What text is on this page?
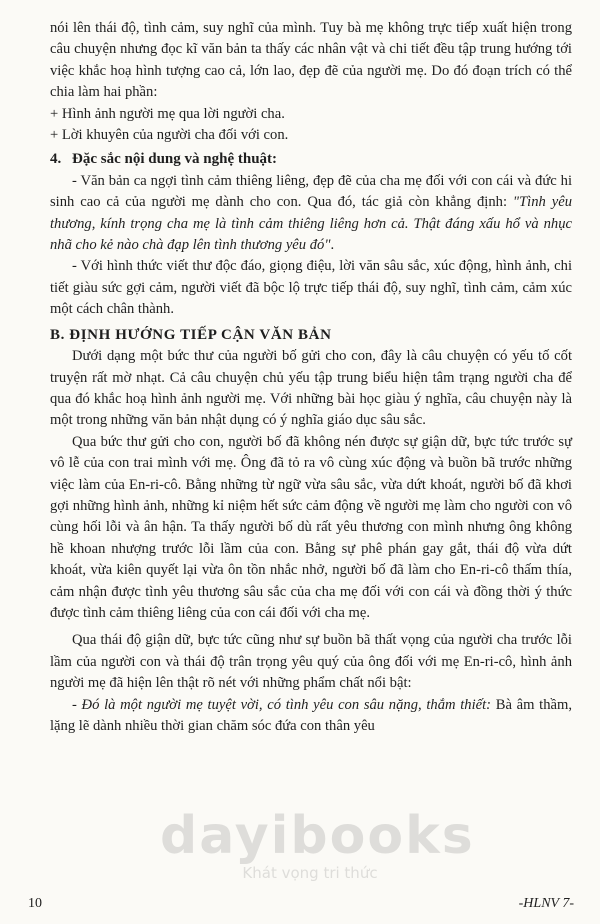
nói lên thái độ, tình cảm, suy nghĩ của mình. Tuy bà mẹ không trực tiếp xuất hiện trong câu chuyện nhưng đọc kĩ văn bản ta thấy các nhân vật và chi tiết đều tập trung hướng tới việc khắc hoạ hình tượng cao cả, lớn lao, đẹp đẽ của người mẹ. Do đó đoạn trích có thể chia làm hai phần:

+ Hình ảnh người mẹ qua lời người cha.

+ Lời khuyên của người cha đối với con.

4. Đặc sắc nội dung và nghệ thuật:

- Văn bản ca ngợi tình cảm thiêng liêng, đẹp đẽ của cha mẹ đối với con cái và đức hi sinh cao cả của người mẹ dành cho con. Qua đó, tác giả còn khẳng định: "Tình yêu thương, kính trọng cha mẹ là tình cảm thiêng liêng hơn cả. Thật đáng xấu hổ và nhục nhã cho kẻ nào chà đạp lên tình thương yêu đó".

- Với hình thức viết thư độc đáo, giọng điệu, lời văn sâu sắc, xúc động, hình ảnh, chi tiết giàu sức gợi cảm, người viết đã bộc lộ trực tiếp thái độ, suy nghĩ, tình cảm, cảm xúc một cách chân thành.

B. ĐỊNH HƯỚNG TIẾP CẬN VĂN BẢN

Dưới dạng một bức thư của người bố gửi cho con, đây là câu chuyện có yếu tố cốt truyện rất mờ nhạt. Cả câu chuyện chủ yếu tập trung biểu hiện tâm trạng người cha để qua đó khắc hoạ hình ảnh người mẹ. Với những bài học giàu ý nghĩa, câu chuyện này là một trong những văn bản nhật dụng có ý nghĩa giáo dục sâu sắc.

Qua bức thư gửi cho con, người bố đã không nén được sự giận dữ, bực tức trước sự vô lễ của con trai mình với mẹ. Ông đã tỏ ra vô cùng xúc động và buồn bã trước những việc làm của En-ri-cô. Bằng những từ ngữ vừa sâu sắc, vừa dứt khoát, người bố đã khơi gợi những hình ảnh, những kỉ niệm hết sức cảm động về người mẹ làm cho người con vô cùng hối lỗi và ân hận. Ta thấy người bố dù rất yêu thương con mình nhưng ông không hề khoan nhượng trước lỗi lầm của con. Bằng sự phê phán gay gắt, thái độ vừa dứt khoát, vừa kiên quyết lại vừa ôn tồn nhắc nhở, người bố đã làm cho En-ri-cô thấm thía, cảm nhận được tình yêu thương sâu sắc của cha mẹ đối với con cái và đồng thời ý thức được tình cảm thiêng liêng của con cái đối với cha mẹ.

Qua thái độ giận dữ, bực tức cũng như sự buồn bã thất vọng của người cha trước lỗi lầm của người con và thái độ trân trọng yêu quý của ông đối với mẹ En-ri-cô, hình ảnh người mẹ đã hiện lên thật rõ nét với những phẩm chất nổi bật:

- Đó là một người mẹ tuyệt vời, có tình yêu con sâu nặng, thắm thiết: Bà âm thầm, lặng lẽ dành nhiều thời gian chăm sóc đứa con thân yêu

dayibooks
Khát vọng tri thức
10	-HLNV 7-
